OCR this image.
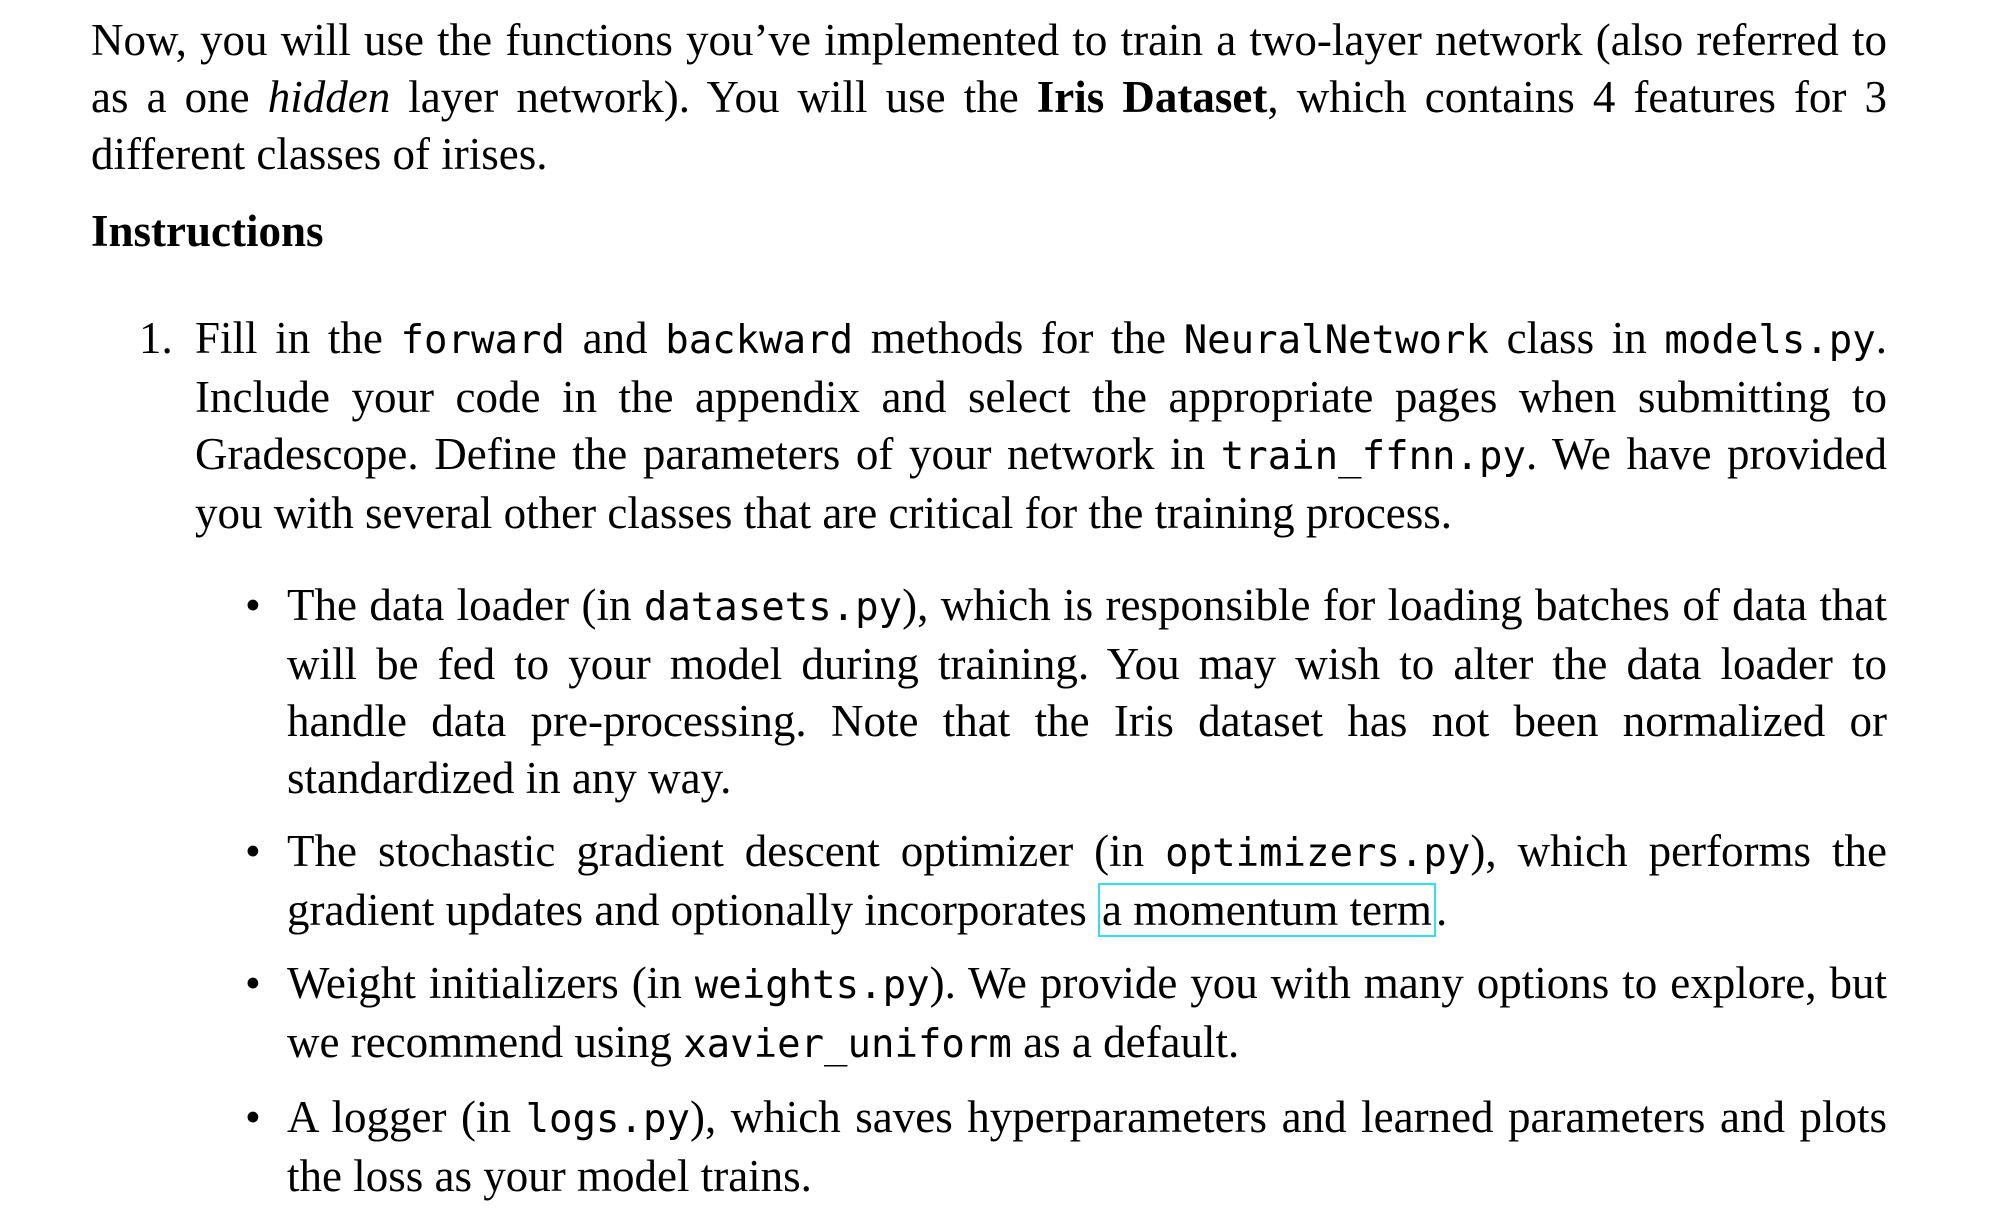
Now, you will use the functions you’ve implemented to train a two-layer network (also referred to as a one hidden layer network). You will use the Iris Dataset, which contains 4 features for 3 different classes of irises.

Instructions

1. Fill in the forward and backward methods for the NeuralNetwork class in models.py. Include your code in the appendix and select the appropriate pages when submitting to Gradescope. Define the parameters of your network in train_ffnn.py. We have provided you with several other classes that are critical for the training process.
• The data loader (in datasets.py), which is responsible for loading batches of data that will be fed to your model during training. You may wish to alter the data loader to handle data pre-processing. Note that the Iris dataset has not been normalized or standardized in any way.
• The stochastic gradient descent optimizer (in optimizers.py), which performs the gradient updates and optionally incorporates a momentum term.
• Weight initializers (in weights.py). We provide you with many options to explore, but we recommend using xavier_uniform as a default.
• A logger (in logs.py), which saves hyperparameters and learned parameters and plots the loss as your model trains.
